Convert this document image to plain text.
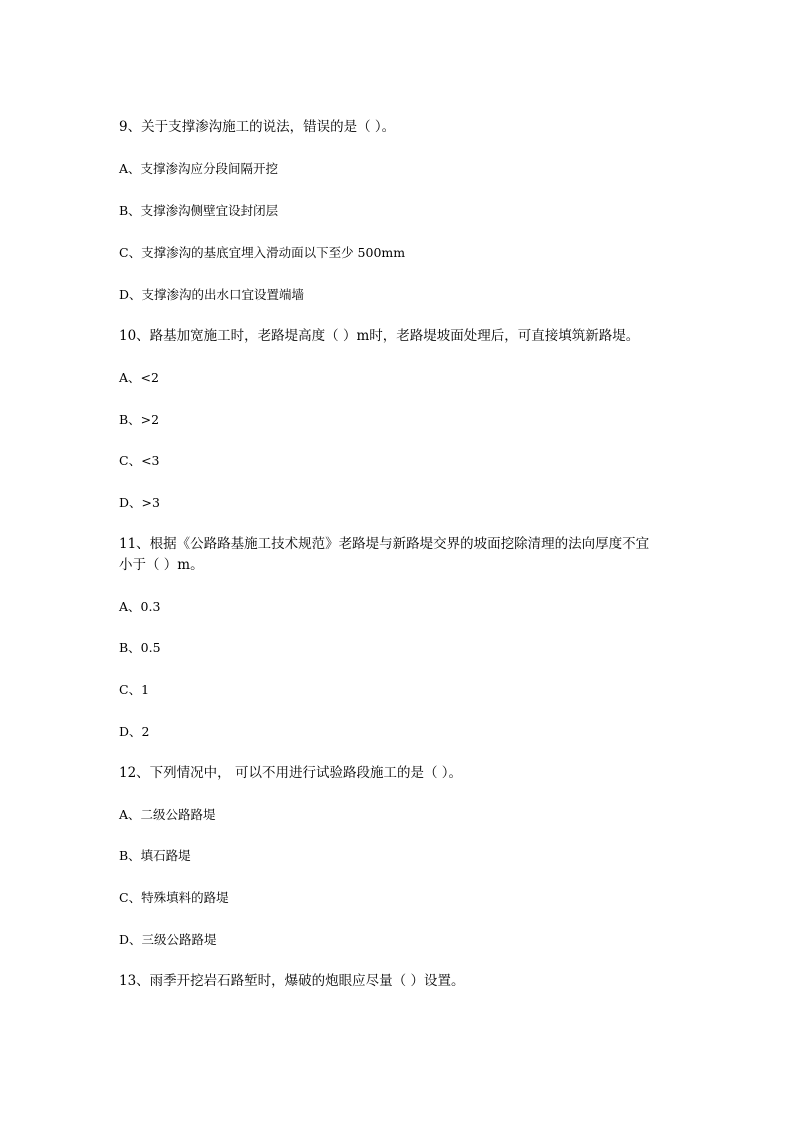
9、关于支撑渗沟施工的说法，错误的是（ ）。
A、支撑渗沟应分段间隔开挖
B、支撑渗沟侧壁宜设封闭层
C、支撑渗沟的基底宜埋入滑动面以下至少 500mm
D、支撑渗沟的出水口宜设置端墙
10、路基加宽施工时，老路堤高度（ ）m时，老路堤坡面处理后，可直接填筑新路堤。
A、<2
B、>2
C、<3
D、>3
11、根据《公路路基施工技术规范》老路堤与新路堤交界的坡面挖除清理的法向厚度不宜
小于（ ）m。
A、0.3
B、0.5
C、1
D、2
12、下列情况中， 可以不用进行试验路段施工的是（ ）。
A、二级公路路堤
B、填石路堤
C、特殊填料的路堤
D、三级公路路堤
13、雨季开挖岩石路堑时，爆破的炮眼应尽量（ ）设置。
